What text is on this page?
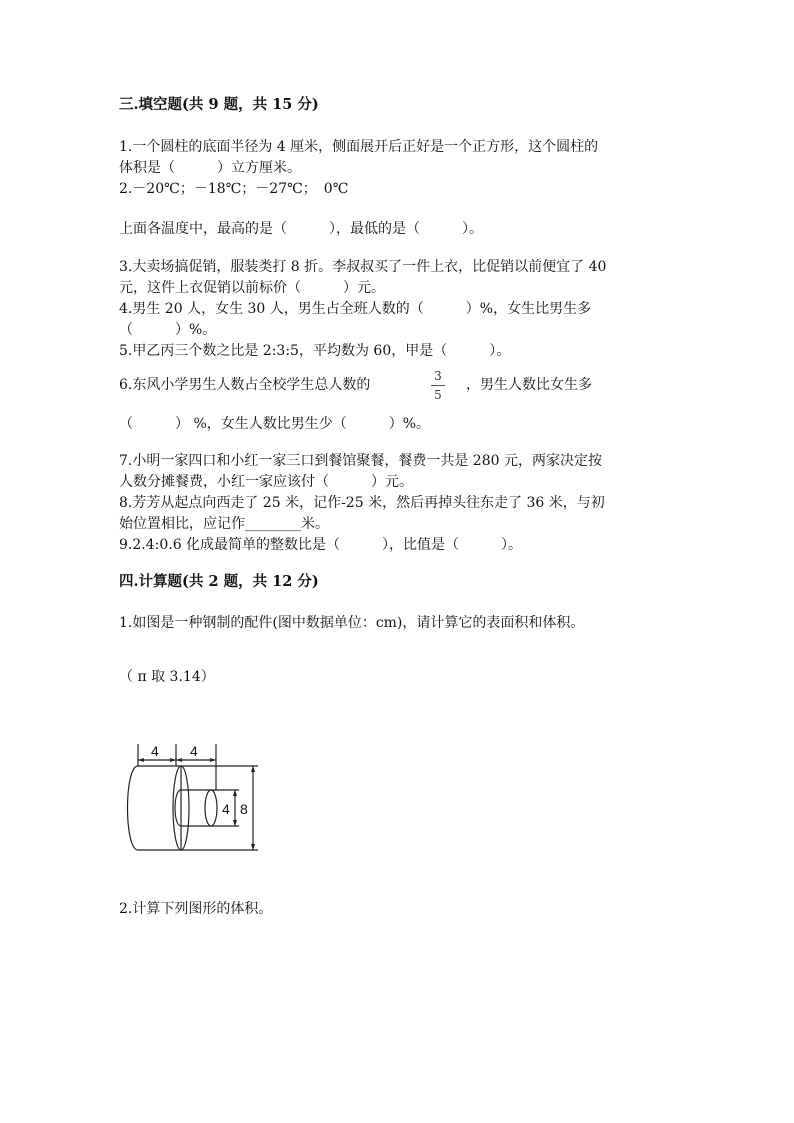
三.填空题(共 9 题，共 15 分)
1.一个圆柱的底面半径为 4 厘米，侧面展开后正好是一个正方形，这个圆柱的
体积是（　　　）立方厘米。
2.－20℃；－18℃；－27℃；　0℃
上面各温度中，最高的是（　　　），最低的是（　　　）。
3.大卖场搞促销，服装类打 8 折。李叔叔买了一件上衣，比促销以前便宜了 40
元，这件上衣促销以前标价（　　　）元。
4.男生 20 人，女生 30 人，男生占全班人数的（　　　）%，女生比男生多
（　　　）%。
5.甲乙丙三个数之比是 2:3:5，平均数为 60，甲是（　　　）。
6.东风小学男生人数占全校学生总人数的
3
5
，男生人数比女生多
（　　　） %，女生人数比男生少（　　　）%。
7.小明一家四口和小红一家三口到餐馆聚餐，餐费一共是 280 元，两家决定按
人数分摊餐费，小红一家应该付（　　　）元。
8.芳芳从起点向西走了 25 米，记作-25 米，然后再掉头往东走了 36 米，与初
始位置相比，应记作________米。
9.2.4:0.6 化成最简单的整数比是（　　　），比值是（　　　）。
四.计算题(共 2 题，共 12 分)
1.如图是一种钢制的配件(图中数据单位：cm)，请计算它的表面积和体积。
（ π 取 3.14）
4 4
4 8
2.计算下列图形的体积。
